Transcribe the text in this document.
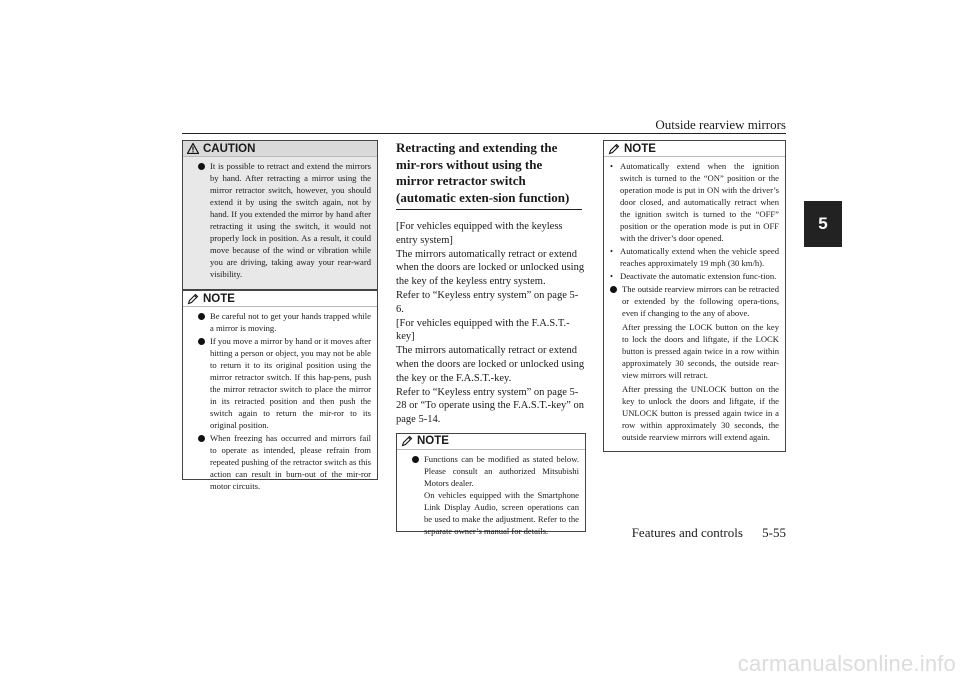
Outside rearview mirrors
5
CAUTION
It is possible to retract and extend the mirrors by hand. After retracting a mirror using the mirror retractor switch, however, you should extend it by using the switch again, not by hand. If you extended the mirror by hand after retracting it using the switch, it would not properly lock in position. As a result, it could move because of the wind or vibration while you are driving, taking away your rear-ward visibility.
NOTE
Be careful not to get your hands trapped while a mirror is moving.
If you move a mirror by hand or it moves after hitting a person or object, you may not be able to return it to its original position using the mirror retractor switch. If this hap-pens, push the mirror retractor switch to place the mirror in its retracted position and then push the switch again to return the mir-ror to its original position.
When freezing has occurred and mirrors fail to operate as intended, please refrain from repeated pushing of the retractor switch as this action can result in burn-out of the mir-ror motor circuits.
Retracting and extending the mir-rors without using the mirror retractor switch (automatic exten-sion function)

[For vehicles equipped with the keyless entry system]

The mirrors automatically retract or extend when the doors are locked or unlocked using the key of the keyless entry system.

Refer to “Keyless entry system” on page 5-6.

[For vehicles equipped with the F.A.S.T.-key]

The mirrors automatically retract or extend when the doors are locked or unlocked using the key or the F.A.S.T.-key.

Refer to “Keyless entry system” on page 5-28 or “To operate using the F.A.S.T.-key” on page 5-14.

NOTE
Functions can be modified as stated below. Please consult an authorized Mitsubishi Motors dealer.
On vehicles equipped with the Smartphone Link Display Audio, screen operations can be used to make the adjustment. Refer to the separate owner’s manual for details.
NOTE
• Automatically extend when the ignition switch is turned to the “ON” position or the operation mode is put in ON with the driver’s door closed, and automatically retract when the ignition switch is turned to the “OFF” position or the operation mode is put in OFF with the driver’s door opened.
• Automatically extend when the vehicle speed reaches approximately 19 mph (30 km/h).
• Deactivate the automatic extension func-tion.
The outside rearview mirrors can be retracted or extended by the following opera-tions, even if changing to the any of above.
After pressing the LOCK button on the key to lock the doors and liftgate, if the LOCK button is pressed again twice in a row within approximately 30 seconds, the outside rear-view mirrors will retract.
After pressing the UNLOCK button on the key to unlock the doors and liftgate, if the UNLOCK button is pressed again twice in a row within approximately 30 seconds, the outside rearview mirrors will extend again.
Features and controls 5-55
carmanualsonline.info
